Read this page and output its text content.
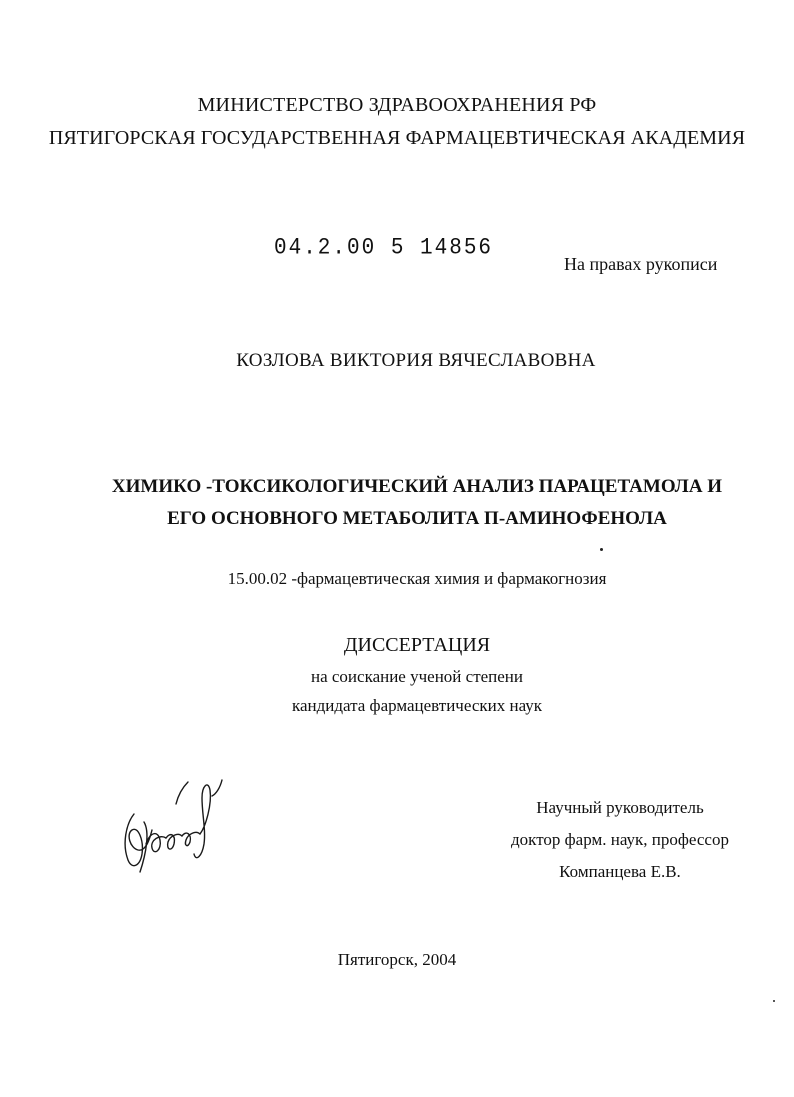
МИНИСТЕРСТВО ЗДРАВООХРАНЕНИЯ РФ
ПЯТИГОРСКАЯ ГОСУДАРСТВЕННАЯ ФАРМАЦЕВТИЧЕСКАЯ АКАДЕМИЯ
04.2.00 5 14856
На правах рукописи
КОЗЛОВА ВИКТОРИЯ ВЯЧЕСЛАВОВНА
ХИМИКО -ТОКСИКОЛОГИЧЕСКИЙ АНАЛИЗ ПАРАЦЕТАМОЛА И
ЕГО ОСНОВНОГО МЕТАБОЛИТА П-АМИНОФЕНОЛА
15.00.02 -фармацевтическая химия и фармакогнозия
ДИССЕРТАЦИЯ
на соискание ученой степени
кандидата фармацевтических наук
Научный руководитель
доктор фарм. наук, профессор
Компанцева Е.В.
Пятигорск, 2004
